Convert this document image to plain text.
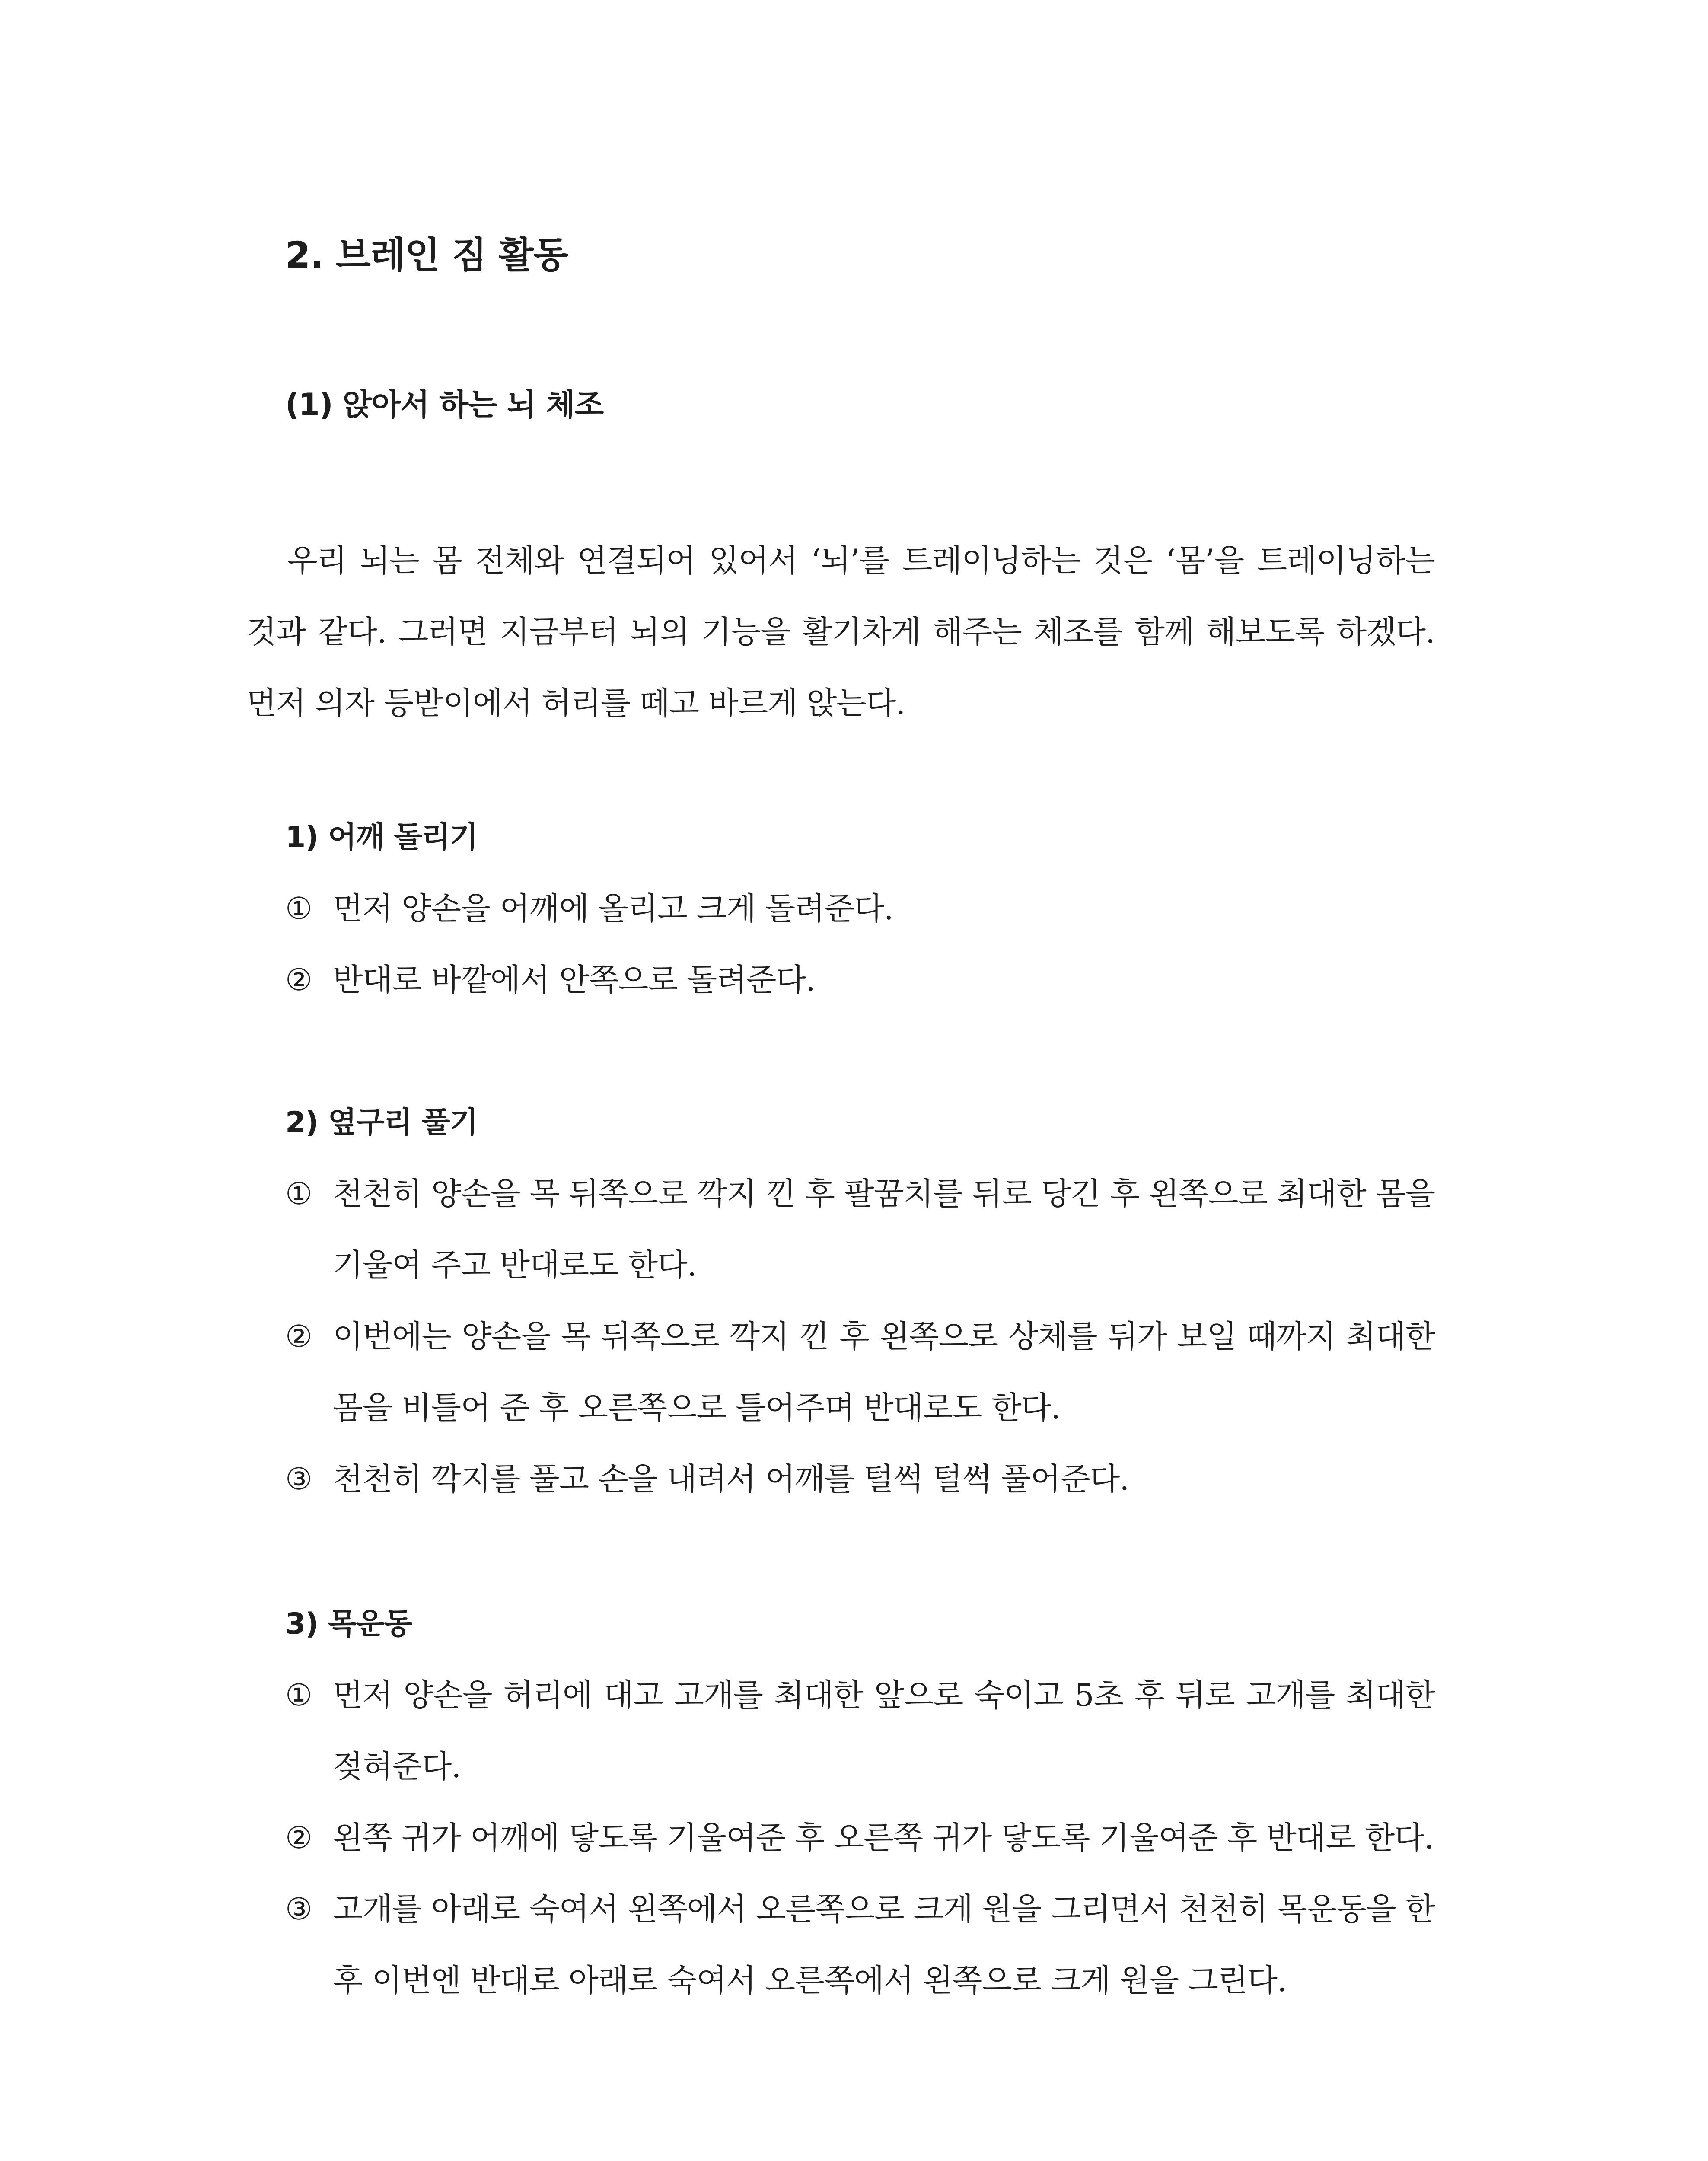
2. 브레인 짐 활동
(1) 앉아서 하는 뇌 체조

우리 뇌는 몸 전체와 연결되어 있어서 ‘뇌’를 트레이닝하는 것은 ‘몸’을 트레이닝하는 것과 같다. 그러면 지금부터 뇌의 기능을 활기차게 해주는 체조를 함께 해보도록 하겠다. 먼저 의자 등받이에서 허리를 떼고 바르게 앉는다.

1) 어깨 돌리기
① 먼저 양손을 어깨에 올리고 크게 돌려준다.
② 반대로 바깥에서 안쪽으로 돌려준다.
2) 옆구리 풀기
① 천천히 양손을 목 뒤쪽으로 깍지 낀 후 팔꿈치를 뒤로 당긴 후 왼쪽으로 최대한 몸을 기울여 주고 반대로도 한다.
② 이번에는 양손을 목 뒤쪽으로 깍지 낀 후 왼쪽으로 상체를 뒤가 보일 때까지 최대한 몸을 비틀어 준 후 오른쪽으로 틀어주며 반대로도 한다.
③ 천천히 깍지를 풀고 손을 내려서 어깨를 털썩 털썩 풀어준다.
3) 목운동
① 먼저 양손을 허리에 대고 고개를 최대한 앞으로 숙이고 5초 후 뒤로 고개를 최대한 젖혀준다.
② 왼쪽 귀가 어깨에 닿도록 기울여준 후 오른쪽 귀가 닿도록 기울여준 후 반대로 한다.
③ 고개를 아래로 숙여서 왼쪽에서 오른쪽으로 크게 원을 그리면서 천천히 목운동을 한 후 이번엔 반대로 아래로 숙여서 오른쪽에서 왼쪽으로 크게 원을 그린다.
